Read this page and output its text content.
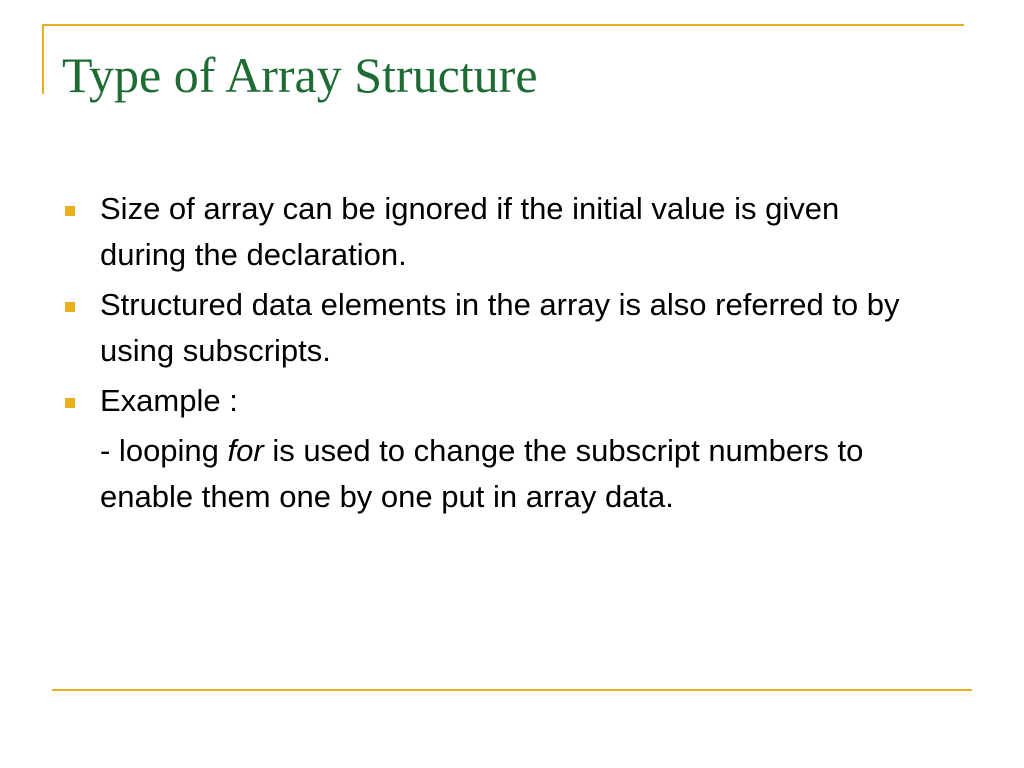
Type of Array Structure
Size of array can be ignored if the initial value is given during the declaration.
Structured data elements in the array is also referred to by using subscripts.
Example :
- looping for is used to change the subscript numbers to enable them one by one put in array data.
